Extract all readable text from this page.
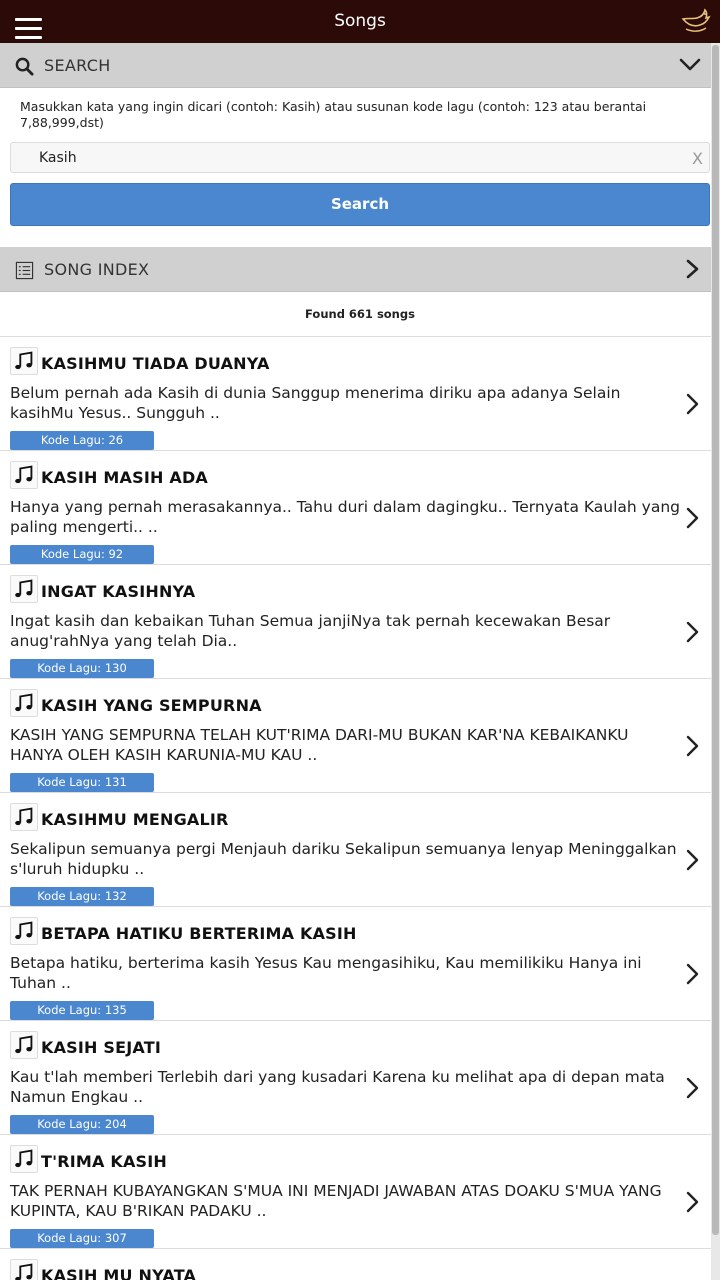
Songs
SEARCH
Masukkan kata yang ingin dicari (contoh: Kasih) atau susunan kode lagu (contoh: 123 atau berantai 7,88,999,dst)
Kasih
X
Search
SONG INDEX
Found 661 songs
KASIHMU TIADA DUANYA
Belum pernah ada Kasih di dunia Sanggup menerima diriku apa adanya Selain kasihMu Yesus.. Sungguh ..
Kode Lagu: 26
KASIH MASIH ADA
Hanya yang pernah merasakannya.. Tahu duri dalam dagingku.. Ternyata Kaulah yang paling mengerti.. ..
Kode Lagu: 92
INGAT KASIHNYA
Ingat kasih dan kebaikan Tuhan Semua janjiNya tak pernah kecewakan Besar anug'rahNya yang telah Dia..
Kode Lagu: 130
KASIH YANG SEMPURNA
KASIH YANG SEMPURNA TELAH KUT'RIMA DARI-MU BUKAN KAR'NA KEBAIKANKU HANYA OLEH KASIH KARUNIA-MU KAU ..
Kode Lagu: 131
KASIHMU MENGALIR
Sekalipun semuanya pergi Menjauh dariku Sekalipun semuanya lenyap Meninggalkan s'luruh hidupku ..
Kode Lagu: 132
BETAPA HATIKU BERTERIMA KASIH
Betapa hatiku, berterima kasih Yesus Kau mengasihiku, Kau memilikiku Hanya ini Tuhan ..
Kode Lagu: 135
KASIH SEJATI
Kau t'lah memberi Terlebih dari yang kusadari Karena ku melihat apa di depan mata Namun Engkau ..
Kode Lagu: 204
T'RIMA KASIH
TAK PERNAH KUBAYANGKAN S'MUA INI MENJADI JAWABAN ATAS DOAKU S'MUA YANG KUPINTA, KAU B'RIKAN PADAKU ..
Kode Lagu: 307
KASIH MU NYATA
